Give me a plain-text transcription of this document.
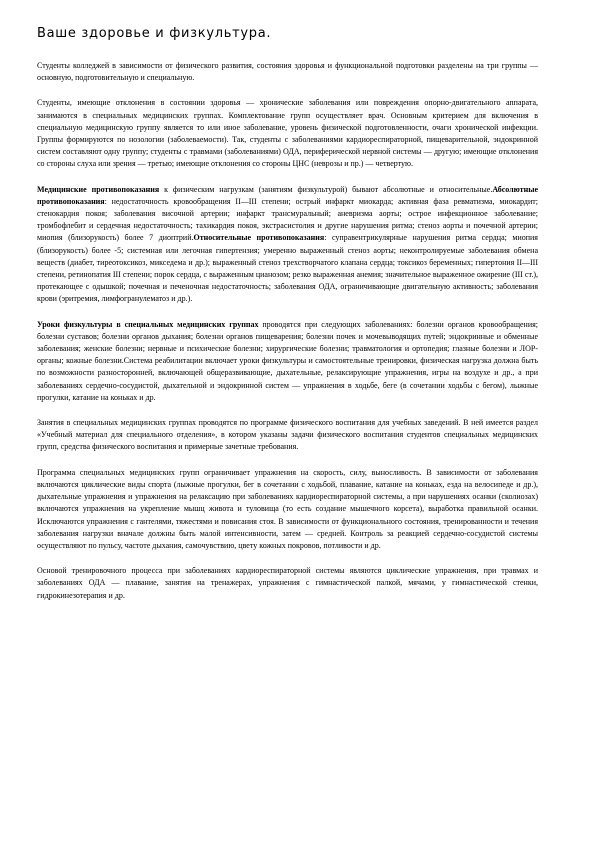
Ваше здоровье и физкультура.

Студенты колледжей в зависимости от физического развития, состояния здоровья и функциональной подготовки разделены на три группы — основную, подготовительную и специальную.

Студенты, имеющие отклонения в состоянии здоровья — хронические заболевания или повреждения опорно-двигательного аппарата, занимаются в специальных медицинских группах. Комплектование групп осуществляет врач. Основным критерием для включения в специальную медицинскую группу является то или иное заболевание, уровень физической подготовленности, очаги хронической инфекции. Группы формируются по нозологии (заболеваемости). Так, студенты с заболеваниями кардиореспираторной, пищеварительной, эндокринной систем составляют одну группу; студенты с травмами (заболеваниями) ОДА, периферической нервной системы — другую; имеющие отклонения со стороны слуха или зрения — третью; имеющие отклонения со стороны ЦНС (неврозы и пр.) — четвертую.

Медицинские противопоказания к физическим нагрузкам (занятиям физкультурой) бывают абсолютные и относительные.Абсолютные противопоказания: недостаточность кровообращения II—III степени; острый инфаркт миокарда; активная фаза ревматизма, миокардит; стенокардия покоя; заболевания височной артерии; инфаркт трансмуральный; аневризма аорты; острое инфекционное заболевание; тромбофлебит и сердечная недостаточность; тахикардия покоя, экстрасистолия и другие нарушения ритма; стеноз аорты и почечной артерии; миопия (близорукость) более 7 диоптрий.Относительные противопоказания: суправентрикулярные нарушения ритма сердца; миопия (близорукость) более -5; системная или легочная гипертензия; умеренно выраженный стеноз аорты; неконтролируемые заболевания обмена веществ (диабет, тиреотоксикоз, микседема и др.); выраженный стеноз трехстворчатого клапана сердца; токсикоз беременных; гипертония II—III степени, ретинопатия III степени; порок сердца, с выраженным цианозом; резко выраженная анемия; значительное выраженное ожирение (III ст.), протекающее с одышкой; почечная и печеночная недостаточность; заболевания ОДА, ограничивающие двигательную активность; заболевания крови (эритремия, лимфогранулематоз и др.).

Уроки физкультуры в специальных медицинских группах проводятся при следующих заболеваниях: болезни органов кровообращения; болезни суставов; болезни органов дыхания; болезни органов пищеварения; болезни почек и мочевыводящих путей; эндокринные и обменные заболевания; женские болезни; нервные и психические болезни; хирургические болезни; травматология и ортопедия; глазные болезни и ЛОР-органы; кожные болезни.Система реабилитации включает уроки физкультуры и самостоятельные тренировки, физическая нагрузка должна быть по возможности разносторонней, включающей общеразвивающие, дыхательные, релаксирующие упражнения, игры на воздухе и др., а при заболеваниях сердечно-сосудистой, дыхательной и эндокринной систем — упражнения в ходьбе, беге (в сочетании ходьбы с бегом), лыжные прогулки, катание на коньках и др.

Занятия в специальных медицинских группах проводятся по программе физического воспитания для учебных заведений. В ней имеется раздел «Учебный материал для специального отделения», в котором указаны задачи физического воспитания студентов специальных медицинских групп, средства физического воспитания и примерные зачетные требования.

Программа специальных медицинских групп ограничивает упражнения на скорость, силу, выносливость. В зависимости от заболевания включаются циклические виды спорта (лыжные прогулки, бег в сочетании с ходьбой, плавание, катание на коньках, езда на велосипеде и др.), дыхательные упражнения и упражнения на релаксацию при заболеваниях кардиореспираторной системы, а при нарушениях осанки (сколиозах) включаются упражнения на укрепление мышц живота и туловища (то есть создание мышечного корсета), выработка правильной осанки. Исключаются упражнения с гантелями, тяжестями и повисания стоя. В зависимости от функционального состояния, тренированности и течения заболевания нагрузки вначале должны быть малой интенсивности, затем — средней. Контроль за реакцией сердечно-сосудистой системы осуществляют по пульсу, частоте дыхания, самочувствию, цвету кожных покровов, потливости и др.

Основой тренировочного процесса при заболеваниях кардиореспираторной системы являются циклические упражнения, при травмах и заболеваниях ОДА — плавание, занятия на тренажерах, упражнения с гимнастической палкой, мячами, у гимнастической стенки, гидрокинезотерапия и др.
